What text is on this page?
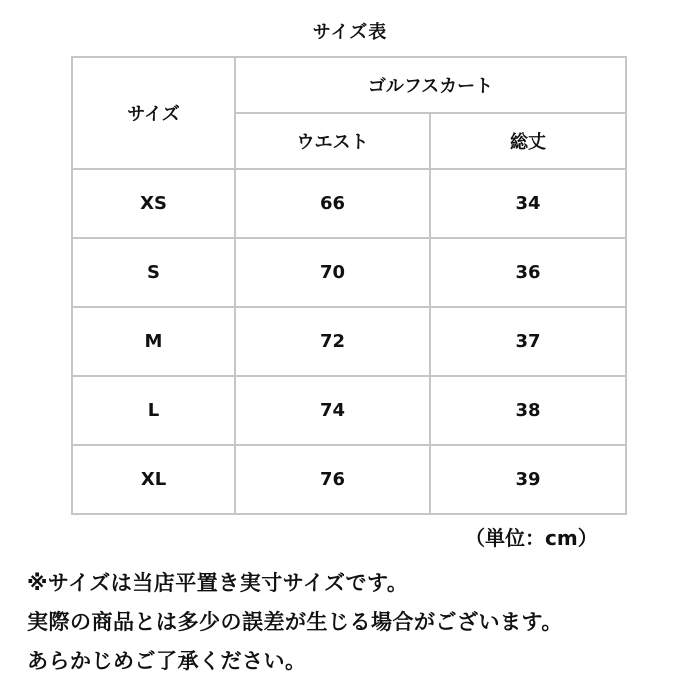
サイズ表
サイズ	ゴルフスカート	
	ウエスト	総丈
XS	66	34
S	70	36
M	72	37
L	74	38
XL	76	39
（単位：cm）
※サイズは当店平置き実寸サイズです。
実際の商品とは多少の誤差が生じる場合がございます。
あらかじめご了承ください。
